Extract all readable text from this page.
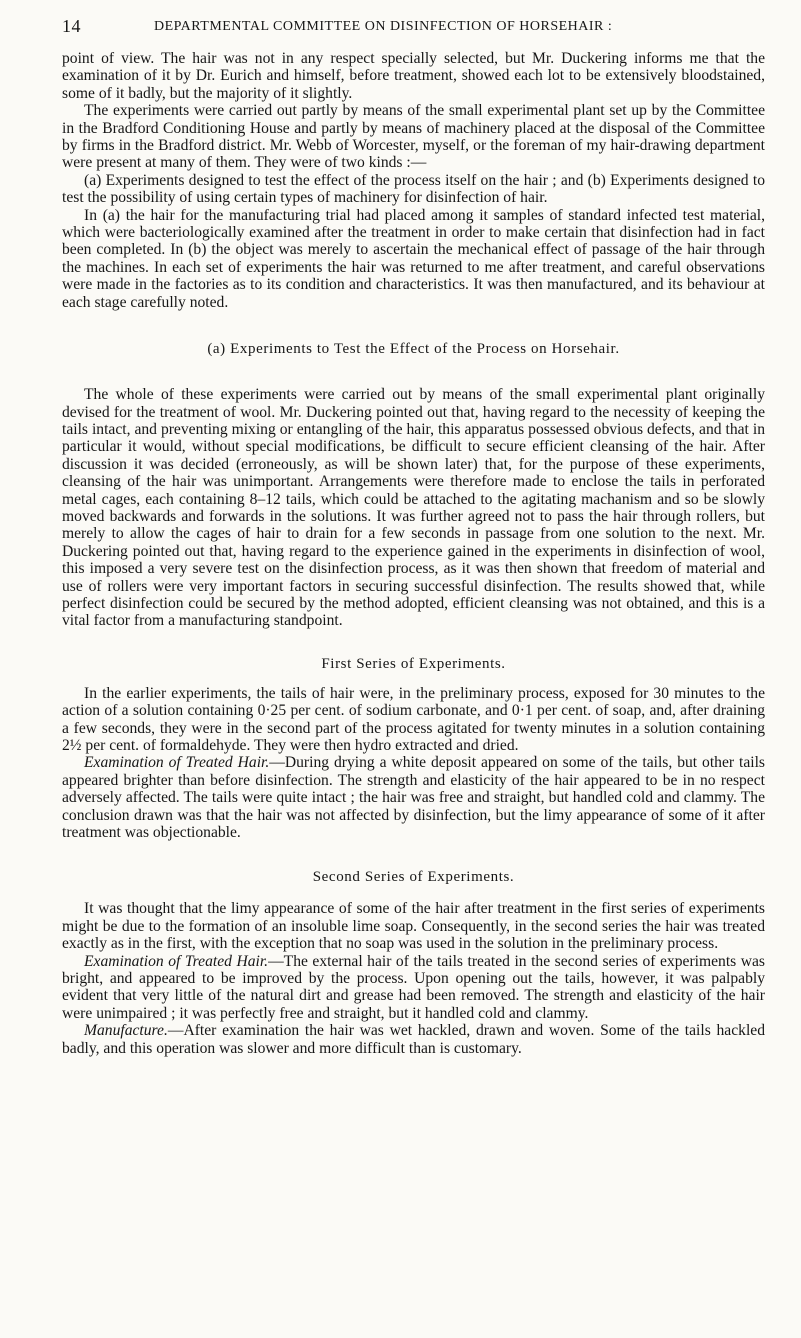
14	DEPARTMENTAL COMMITTEE ON DISINFECTION OF HORSEHAIR :

point of view. The hair was not in any respect specially selected, but Mr. Duckering informs me that the examination of it by Dr. Eurich and himself, before treatment, showed each lot to be extensively bloodstained, some of it badly, but the majority of it slightly.

The experiments were carried out partly by means of the small experimental plant set up by the Committee in the Bradford Conditioning House and partly by means of machinery placed at the disposal of the Committee by firms in the Bradford district. Mr. Webb of Worcester, myself, or the foreman of my hair-drawing department were present at many of them. They were of two kinds :—

(a) Experiments designed to test the effect of the process itself on the hair ; and (b) Experiments designed to test the possibility of using certain types of machinery for disinfection of hair.

In (a) the hair for the manufacturing trial had placed among it samples of standard infected test material, which were bacteriologically examined after the treatment in order to make certain that disinfection had in fact been completed. In (b) the object was merely to ascertain the mechanical effect of passage of the hair through the machines. In each set of experiments the hair was returned to me after treatment, and careful observations were made in the factories as to its condition and characteristics. It was then manufactured, and its behaviour at each stage carefully noted.

(a) Experiments to Test the Effect of the Process on Horsehair.

The whole of these experiments were carried out by means of the small experimental plant originally devised for the treatment of wool. Mr. Duckering pointed out that, having regard to the necessity of keeping the tails intact, and preventing mixing or entangling of the hair, this apparatus possessed obvious defects, and that in particular it would, without special modifications, be difficult to secure efficient cleansing of the hair. After discussion it was decided (erroneously, as will be shown later) that, for the purpose of these experiments, cleansing of the hair was unimportant. Arrangements were therefore made to enclose the tails in perforated metal cages, each containing 8–12 tails, which could be attached to the agitating machanism and so be slowly moved backwards and forwards in the solutions. It was further agreed not to pass the hair through rollers, but merely to allow the cages of hair to drain for a few seconds in passage from one solution to the next. Mr. Duckering pointed out that, having regard to the experience gained in the experiments in disinfection of wool, this imposed a very severe test on the disinfection process, as it was then shown that freedom of material and use of rollers were very important factors in securing successful disinfection. The results showed that, while perfect disinfection could be secured by the method adopted, efficient cleansing was not obtained, and this is a vital factor from a manufacturing standpoint.

First Series of Experiments.

In the earlier experiments, the tails of hair were, in the preliminary process, exposed for 30 minutes to the action of a solution containing 0·25 per cent. of sodium carbonate, and 0·1 per cent. of soap, and, after draining a few seconds, they were in the second part of the process agitated for twenty minutes in a solution containing 2½ per cent. of formaldehyde. They were then hydro extracted and dried.

Examination of Treated Hair.—During drying a white deposit appeared on some of the tails, but other tails appeared brighter than before disinfection. The strength and elasticity of the hair appeared to be in no respect adversely affected. The tails were quite intact ; the hair was free and straight, but handled cold and clammy. The conclusion drawn was that the hair was not affected by disinfection, but the limy appearance of some of it after treatment was objectionable.

Second Series of Experiments.

It was thought that the limy appearance of some of the hair after treatment in the first series of experiments might be due to the formation of an insoluble lime soap. Consequently, in the second series the hair was treated exactly as in the first, with the exception that no soap was used in the solution in the preliminary process.

Examination of Treated Hair.—The external hair of the tails treated in the second series of experiments was bright, and appeared to be improved by the process. Upon opening out the tails, however, it was palpably evident that very little of the natural dirt and grease had been removed. The strength and elasticity of the hair were unimpaired ; it was perfectly free and straight, but it handled cold and clammy.

Manufacture.—After examination the hair was wet hackled, drawn and woven. Some of the tails hackled badly, and this operation was slower and more difficult than is customary.
